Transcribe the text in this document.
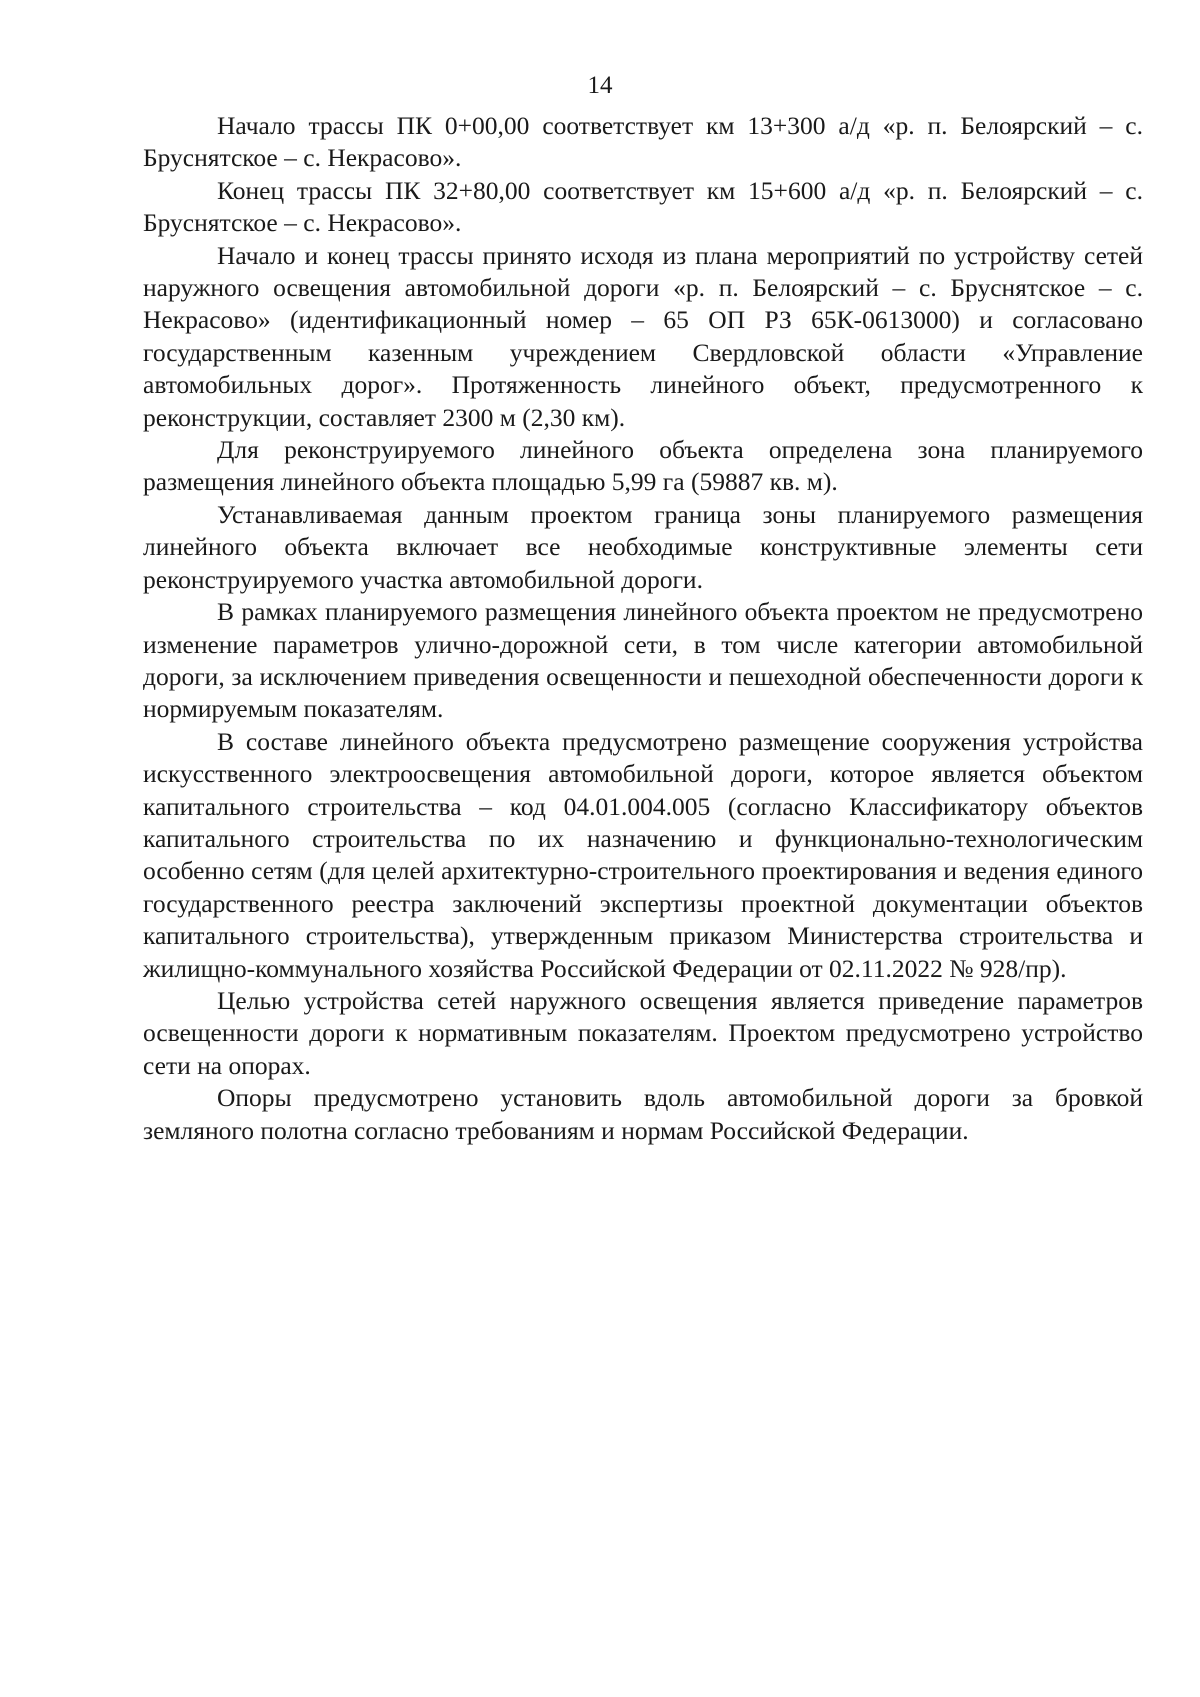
14

Начало трассы ПК 0+00,00 соответствует км 13+300 а/д «р. п. Белоярский – с. Бруснятское – с. Некрасово».

Конец трассы ПК 32+80,00 соответствует км 15+600 а/д «р. п. Белоярский – с. Бруснятское – с. Некрасово».

Начало и конец трассы принято исходя из плана мероприятий по устройству сетей наружного освещения автомобильной дороги «р. п. Белоярский – с. Бруснятское – с. Некрасово» (идентификационный номер – 65 ОП РЗ 65К-0613000) и согласовано государственным казенным учреждением Свердловской области «Управление автомобильных дорог». Протяженность линейного объект, предусмотренного к реконструкции, составляет 2300 м (2,30 км).

Для реконструируемого линейного объекта определена зона планируемого размещения линейного объекта площадью 5,99 га (59887 кв. м).

Устанавливаемая данным проектом граница зоны планируемого размещения линейного объекта включает все необходимые конструктивные элементы сети реконструируемого участка автомобильной дороги.

В рамках планируемого размещения линейного объекта проектом не предусмотрено изменение параметров улично-дорожной сети, в том числе категории автомобильной дороги, за исключением приведения освещенности и пешеходной обеспеченности дороги к нормируемым показателям.

В составе линейного объекта предусмотрено размещение сооружения устройства искусственного электроосвещения автомобильной дороги, которое является объектом капитального строительства – код 04.01.004.005 (согласно Классификатору объектов капитального строительства по их назначению и функционально-технологическим особенно сетям (для целей архитектурно-строительного проектирования и ведения единого государственного реестра заключений экспертизы проектной документации объектов капитального строительства), утвержденным приказом Министерства строительства и жилищно-коммунального хозяйства Российской Федерации от 02.11.2022 № 928/пр).

Целью устройства сетей наружного освещения является приведение параметров освещенности дороги к нормативным показателям. Проектом предусмотрено устройство сети на опорах.

Опоры предусмотрено установить вдоль автомобильной дороги за бровкой земляного полотна согласно требованиям и нормам Российской Федерации.
